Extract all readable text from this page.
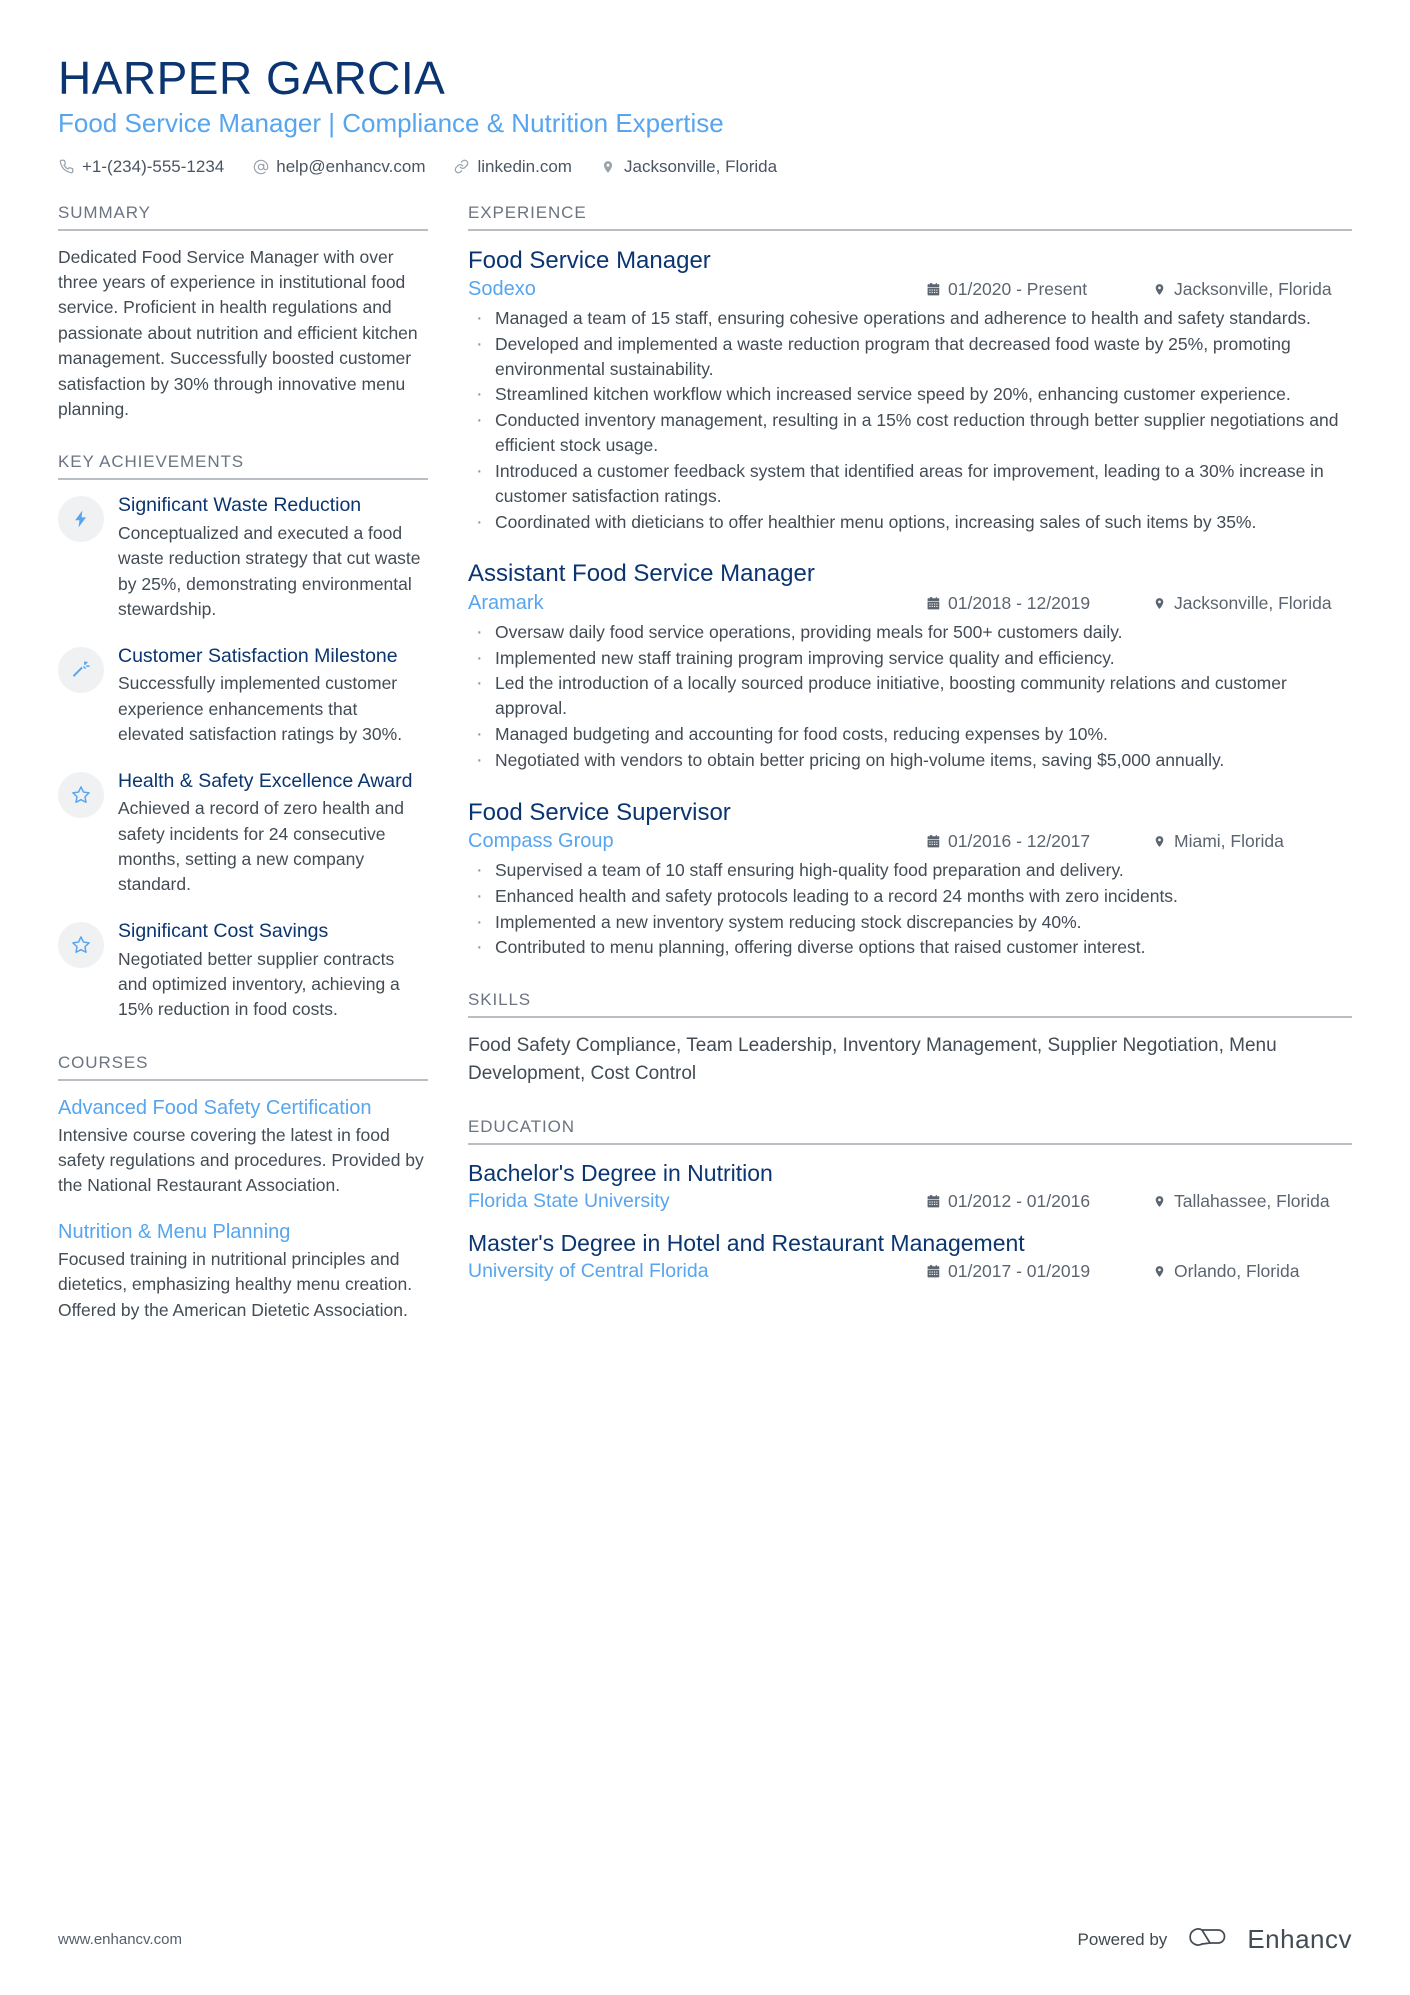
HARPER GARCIA
Food Service Manager | Compliance & Nutrition Expertise
+1-(234)-555-1234	help@enhancv.com	linkedin.com	Jacksonville, Florida
SUMMARY
Dedicated Food Service Manager with over three years of experience in institutional food service. Proficient in health regulations and passionate about nutrition and efficient kitchen management. Successfully boosted customer satisfaction by 30% through innovative menu planning.
KEY ACHIEVEMENTS
Significant Waste Reduction
Conceptualized and executed a food waste reduction strategy that cut waste by 25%, demonstrating environmental stewardship.
Customer Satisfaction Milestone
Successfully implemented customer experience enhancements that elevated satisfaction ratings by 30%.
Health & Safety Excellence Award
Achieved a record of zero health and safety incidents for 24 consecutive months, setting a new company standard.
Significant Cost Savings
Negotiated better supplier contracts and optimized inventory, achieving a 15% reduction in food costs.
COURSES
Advanced Food Safety Certification
Intensive course covering the latest in food safety regulations and procedures. Provided by the National Restaurant Association.
Nutrition & Menu Planning
Focused training in nutritional principles and dietetics, emphasizing healthy menu creation. Offered by the American Dietetic Association.
EXPERIENCE
Food Service Manager
Sodexo	01/2020 - Present	Jacksonville, Florida
· Managed a team of 15 staff, ensuring cohesive operations and adherence to health and safety standards.
· Developed and implemented a waste reduction program that decreased food waste by 25%, promoting environmental sustainability.
· Streamlined kitchen workflow which increased service speed by 20%, enhancing customer experience.
· Conducted inventory management, resulting in a 15% cost reduction through better supplier negotiations and efficient stock usage.
· Introduced a customer feedback system that identified areas for improvement, leading to a 30% increase in customer satisfaction ratings.
· Coordinated with dieticians to offer healthier menu options, increasing sales of such items by 35%.
Assistant Food Service Manager
Aramark	01/2018 - 12/2019	Jacksonville, Florida
· Oversaw daily food service operations, providing meals for 500+ customers daily.
· Implemented new staff training program improving service quality and efficiency.
· Led the introduction of a locally sourced produce initiative, boosting community relations and customer approval.
· Managed budgeting and accounting for food costs, reducing expenses by 10%.
· Negotiated with vendors to obtain better pricing on high-volume items, saving $5,000 annually.
Food Service Supervisor
Compass Group	01/2016 - 12/2017	Miami, Florida
· Supervised a team of 10 staff ensuring high-quality food preparation and delivery.
· Enhanced health and safety protocols leading to a record 24 months with zero incidents.
· Implemented a new inventory system reducing stock discrepancies by 40%.
· Contributed to menu planning, offering diverse options that raised customer interest.
SKILLS
Food Safety Compliance, Team Leadership, Inventory Management, Supplier Negotiation, Menu Development, Cost Control
EDUCATION
Bachelor's Degree in Nutrition
Florida State University	01/2012 - 01/2016	Tallahassee, Florida
Master's Degree in Hotel and Restaurant Management
University of Central Florida	01/2017 - 01/2019	Orlando, Florida
www.enhancv.com	Powered by	Enhancv
